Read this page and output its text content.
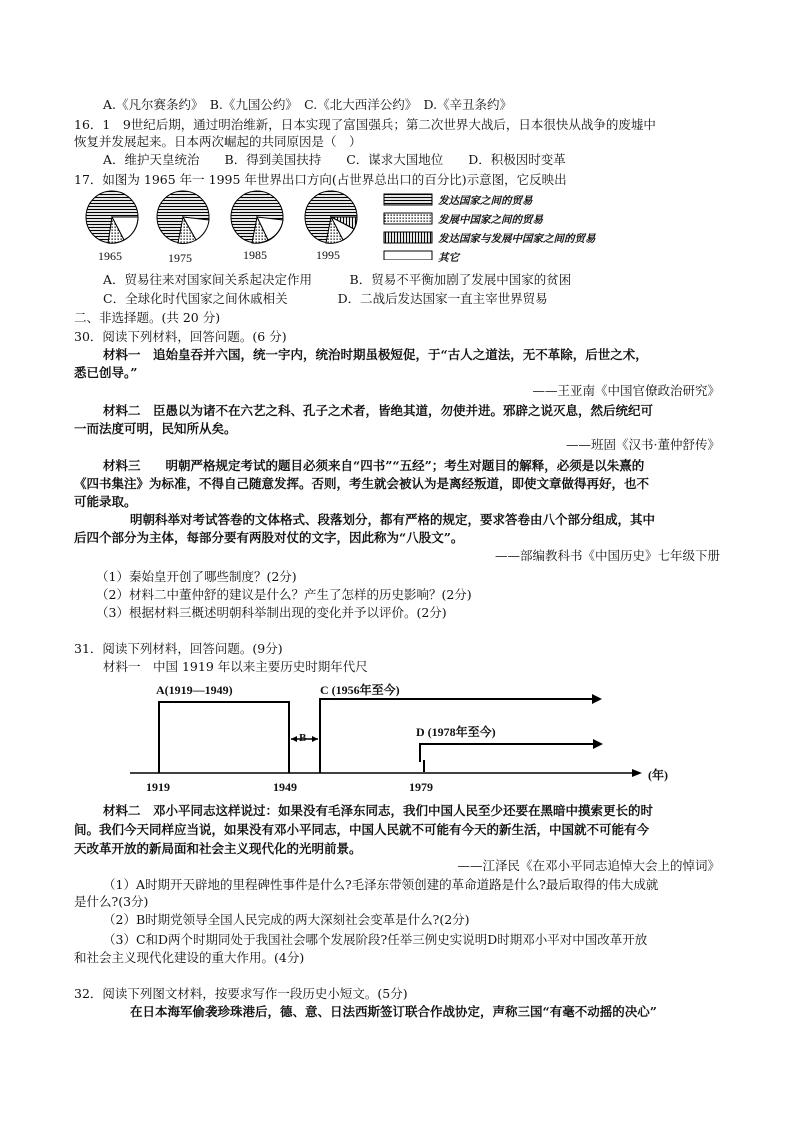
A.《凡尔赛条约》　B.《九国公约》　C.《北大西洋公约》　D.《辛丑条约》
16．1　9世纪后期，通过明治维新，日本实现了富国强兵；第二次世界大战后，日本很快从战争的废墟中
恢复并发展起来。日本两次崛起的共同原因是（　）
A．维护天皇统治　　B．得到美国扶持　　C．谋求大国地位　　D．积极因时变革
17．如图为 1965 年一 1995 年世界出口方向(占世界总出口的百分比)示意图，它反映出
1965	1975	1985	1995
发达国家之间的贸易
发展中国家之间的贸易
发达国家与发展中国家之间的贸易
其它
A．贸易往来对国家间关系起决定作用　　　B．贸易不平衡加剧了发展中国家的贫困
C．全球化时代国家之间休戚相关　　　　D．二战后发达国家一直主宰世界贸易
二、非选择题。(共 20 分)
30．阅读下列材料，回答问题。(6 分)
材料一　追始皇吞并六国，统一宇内，统治时期虽极短促，于“古人之道法，无不革除，后世之术，
悉已创导。”
——王亚南《中国官僚政治研究》
材料二　臣愚以为诸不在六艺之科、孔子之术者，皆绝其道，勿使并进。邪辟之说灭息，然后统纪可
一而法度可明，民知所从矣。
——班固《汉书·董仲舒传》
材料三　　明朝严格规定考试的题目必须来自“四书”“五经”；考生对题目的解释，必须是以朱熹的
《四书集注》为标准，不得自己随意发挥。否则，考生就会被认为是离经叛道，即使文章做得再好，也不
可能录取。
明朝科举对考试答卷的文体格式、段落划分，都有严格的规定，要求答卷由八个部分组成，其中
后四个部分为主体，每部分要有两股对仗的文字，因此称为“八股文”。
——部编教科书《中国历史》七年级下册
（1）秦始皇开创了哪些制度？(2分)
（2）材料二中董仲舒的建议是什么？产生了怎样的历史影响？(2分)
（3）根据材料三概述明朝科举制出现的变化并予以评价。(2分)
31．阅读下列材料，回答问题。(9分)
材料一　中国 1919 年以来主要历史时期年代尺
A(1919—1949)
B
C (1956年至今)
D (1978年至今)
1919	1949	1979
(年)
材料二　邓小平同志这样说过：如果没有毛泽东同志，我们中国人民至少还要在黑暗中摸索更长的时
间。我们今天同样应当说，如果没有邓小平同志，中国人民就不可能有今天的新生活，中国就不可能有今
天改革开放的新局面和社会主义现代化的光明前景。
——江泽民《在邓小平同志追悼大会上的悼词》
（1）A时期开天辟地的里程碑性事件是什么?毛泽东带领创建的革命道路是什么?最后取得的伟大成就
是什么?(3分)
（2）B时期党领导全国人民完成的两大深刻社会变革是什么?(2分)
（3）C和D两个时期同处于我国社会哪个发展阶段?任举三例史实说明D时期邓小平对中国改革开放
和社会主义现代化建设的重大作用。(4分)
32．阅读下列图文材料，按要求写作一段历史小短文。(5分)
在日本海军偷袭珍珠港后，德、意、日法西斯签订联合作战协定，声称三国“有毫不动摇的决心”
